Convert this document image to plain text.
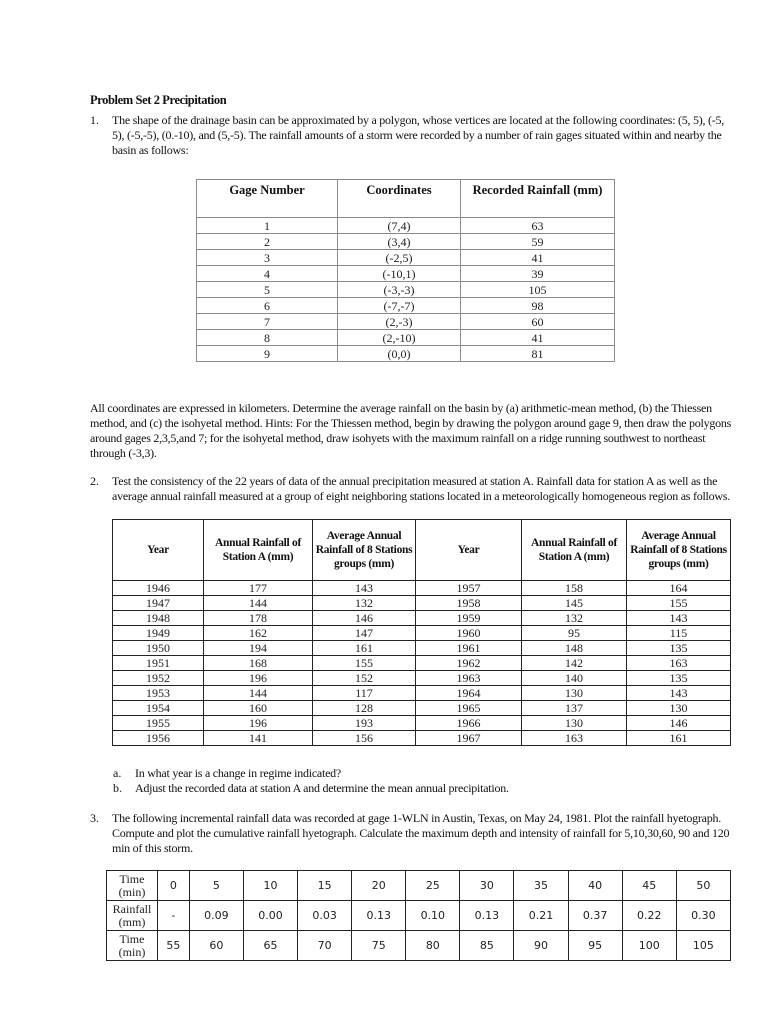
Problem Set 2 Precipitation
1. The shape of the drainage basin can be approximated by a polygon, whose vertices are located at the following coordinates: (5, 5), (-5, 5), (-5,-5), (0.-10), and (5,-5). The rainfall amounts of a storm were recorded by a number of rain gages situated within and nearby the basin as follows:
Gage Number	Coordinates	Recorded Rainfall (mm)
1	(7,4)	63
2	(3,4)	59
3	(-2,5)	41
4	(-10,1)	39
5	(-3,-3)	105
6	(-7,-7)	98
7	(2,-3)	60
8	(2,-10)	41
9	(0,0)	81
All coordinates are expressed in kilometers. Determine the average rainfall on the basin by (a) arithmetic-mean method, (b) the Thiessen method, and (c) the isohyetal method. Hints: For the Thiessen method, begin by drawing the polygon around gage 9, then draw the polygons around gages 2,3,5,and 7; for the isohyetal method, draw isohyets with the maximum rainfall on a ridge running southwest to northeast through (-3,3).
2. Test the consistency of the 22 years of data of the annual precipitation measured at station A. Rainfall data for station A as well as the average annual rainfall measured at a group of eight neighboring stations located in a meteorologically homogeneous region as follows.
Year	Annual Rainfall of Station A (mm)	Average Annual Rainfall of 8 Stations groups (mm)	Year	Annual Rainfall of Station A (mm)	Average Annual Rainfall of 8 Stations groups (mm)
1946	177	143	1957	158	164
1947	144	132	1958	145	155
1948	178	146	1959	132	143
1949	162	147	1960	95	115
1950	194	161	1961	148	135
1951	168	155	1962	142	163
1952	196	152	1963	140	135
1953	144	117	1964	130	143
1954	160	128	1965	137	130
1955	196	193	1966	130	146
1956	141	156	1967	163	161
a. In what year is a change in regime indicated?
b. Adjust the recorded data at station A and determine the mean annual precipitation.
3. The following incremental rainfall data was recorded at gage 1-WLN in Austin, Texas, on May 24, 1981. Plot the rainfall hyetograph. Compute and plot the cumulative rainfall hyetograph. Calculate the maximum depth and intensity of rainfall for 5,10,30,60, 90 and 120 min of this storm.
Time (min)	0	5	10	15	20	25	30	35	40	45	50
Rainfall (mm)	-	0.09	0.00	0.03	0.13	0.10	0.13	0.21	0.37	0.22	0.30
Time (min)	55	60	65	70	75	80	85	90	95	100	105
